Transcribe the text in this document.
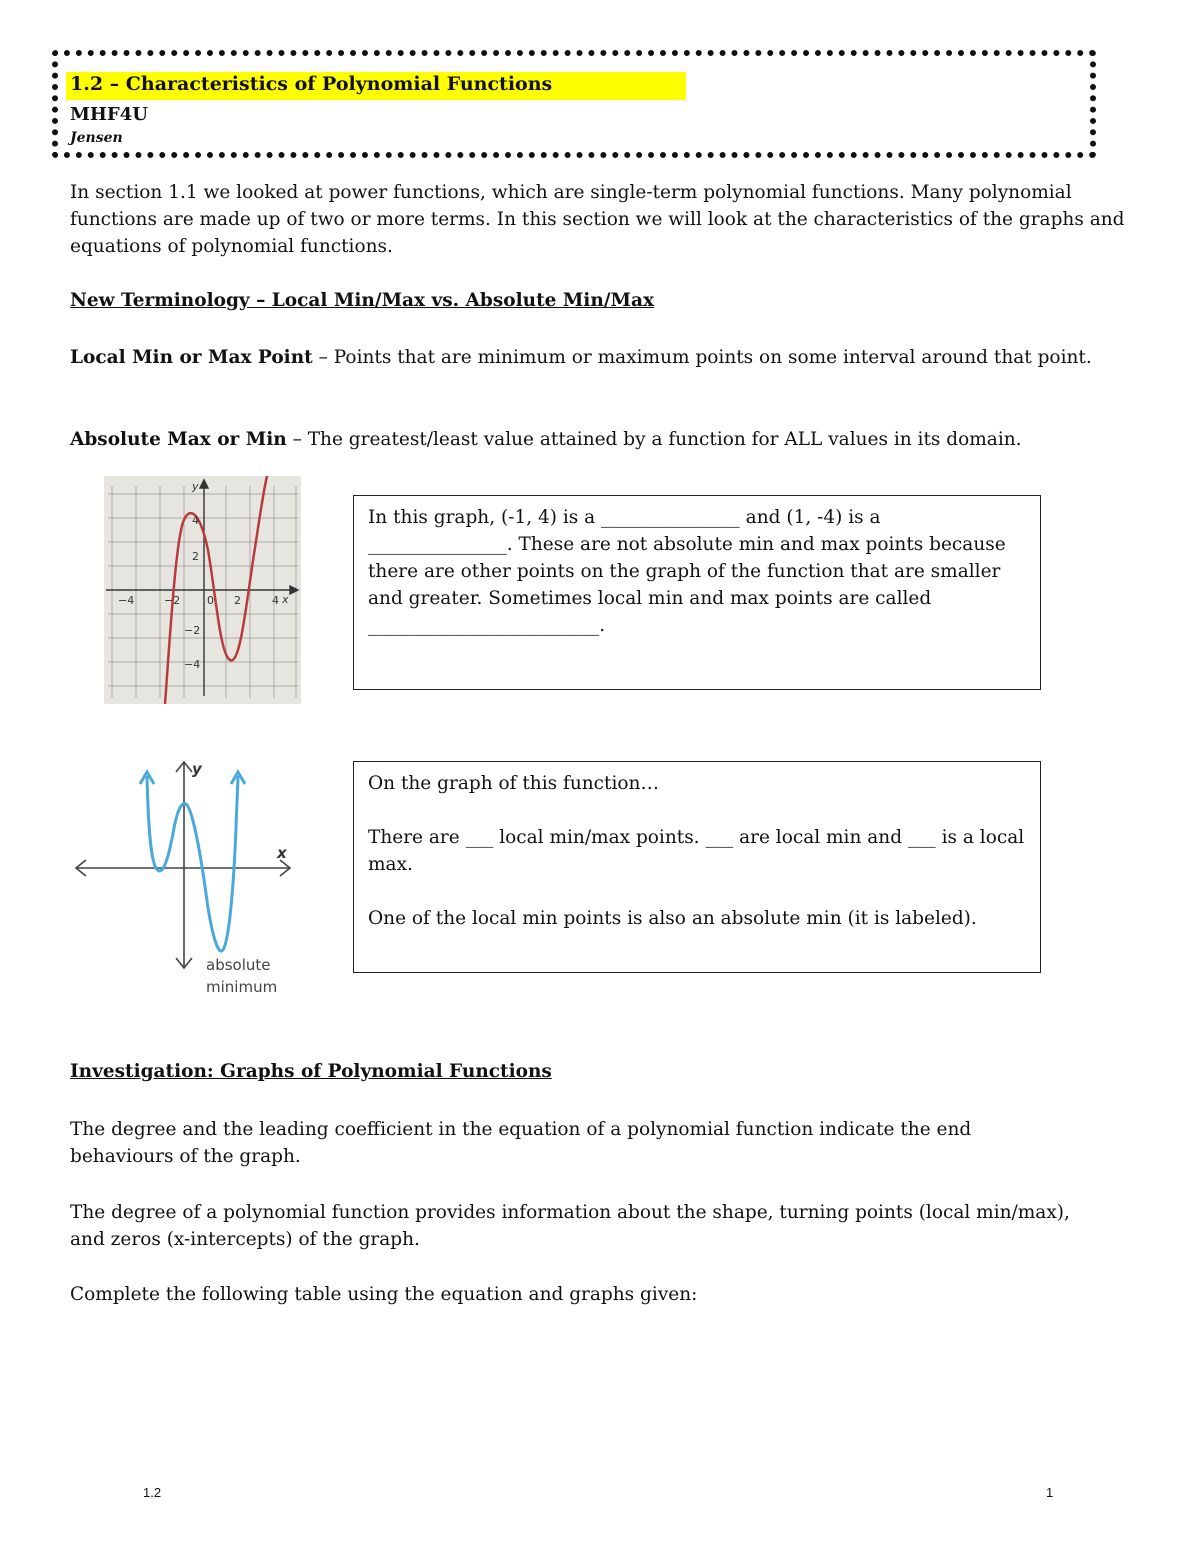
1.2 – Characteristics of Polynomial Functions
MHF4U
Jensen
In section 1.1 we looked at power functions, which are single-term polynomial functions. Many polynomial functions are made up of two or more terms. In this section we will look at the characteristics of the graphs and equations of polynomial functions.
New Terminology – Local Min/Max vs. Absolute Min/Max
Local Min or Max Point – Points that are minimum or maximum points on some interval around that point.
Absolute Max or Min – The greatest/least value attained by a function for ALL values in its domain.
y
x
−4	−2 0 2	4
4
2
−2
−4
In this graph, (-1, 4) is a _______________ and (1, -4) is a _______________. These are not absolute min and max points because there are other points on the graph of the function that are smaller and greater. Sometimes local min and max points are called _________________________.
y
x
absolute
minimum

On the graph of this function…

There are ___ local min/max points. ___ are local min and ___ is a local max.

One of the local min points is also an absolute min (it is labeled).

Investigation: Graphs of Polynomial Functions
The degree and the leading coefficient in the equation of a polynomial function indicate the end behaviours of the graph.
The degree of a polynomial function provides information about the shape, turning points (local min/max), and zeros (x-intercepts) of the graph.
Complete the following table using the equation and graphs given:
1.2	1
